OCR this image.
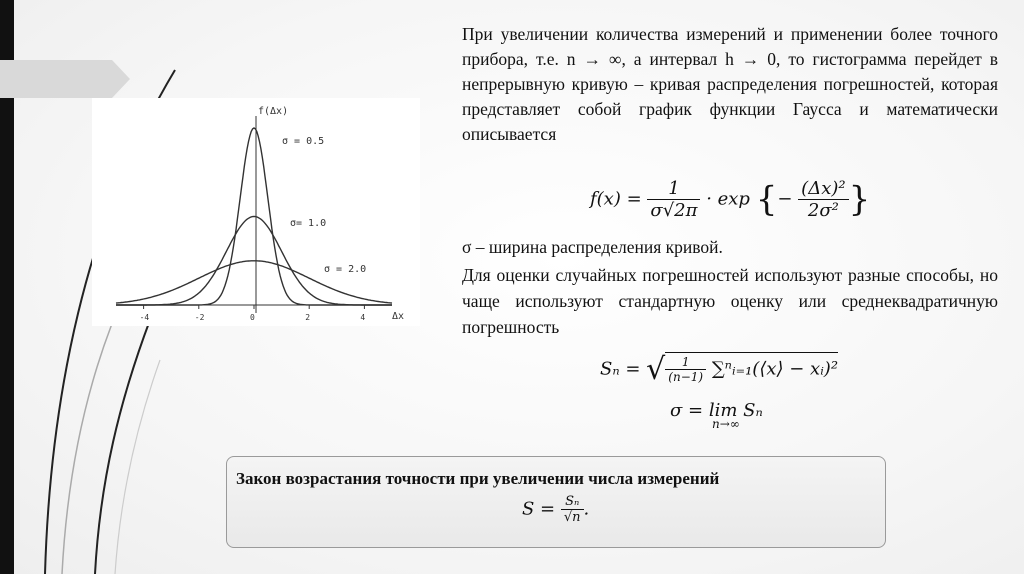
-4	-2	0	2	4
f(Δx)
Δx
σ = 0.5
σ= 1.0
σ = 2.0

При увеличении количества измерений и применении более точного прибора, т.е. n → ∞, а интервал h → 0, то гистограмма перейдет в непрерывную кривую – кривая распределения погрешностей, которая представляет собой график функции Гаусса и математически описывается

$f(x) = \frac{1}{\sigma√2\pi} \cdot \exp$ {− $\frac{\text{(Δx)²}}{\text{2σ²}}$ }
σ – ширина распределения кривой.
Для оценки случайных погрешностей используют разные способы, но чаще используют стандартную оценку или среднеквадратичную погрешность
Sₙ = √ $\frac{1}{(n-1)}$ ∑ⁿᵢ₌₁(⟨x⟩ − xᵢ)²
σ = lim Sₙ
n→∞
Закон возрастания точности при увеличении числа измерений
$S = \frac{\text{Sₙ}}{√n}$ .
